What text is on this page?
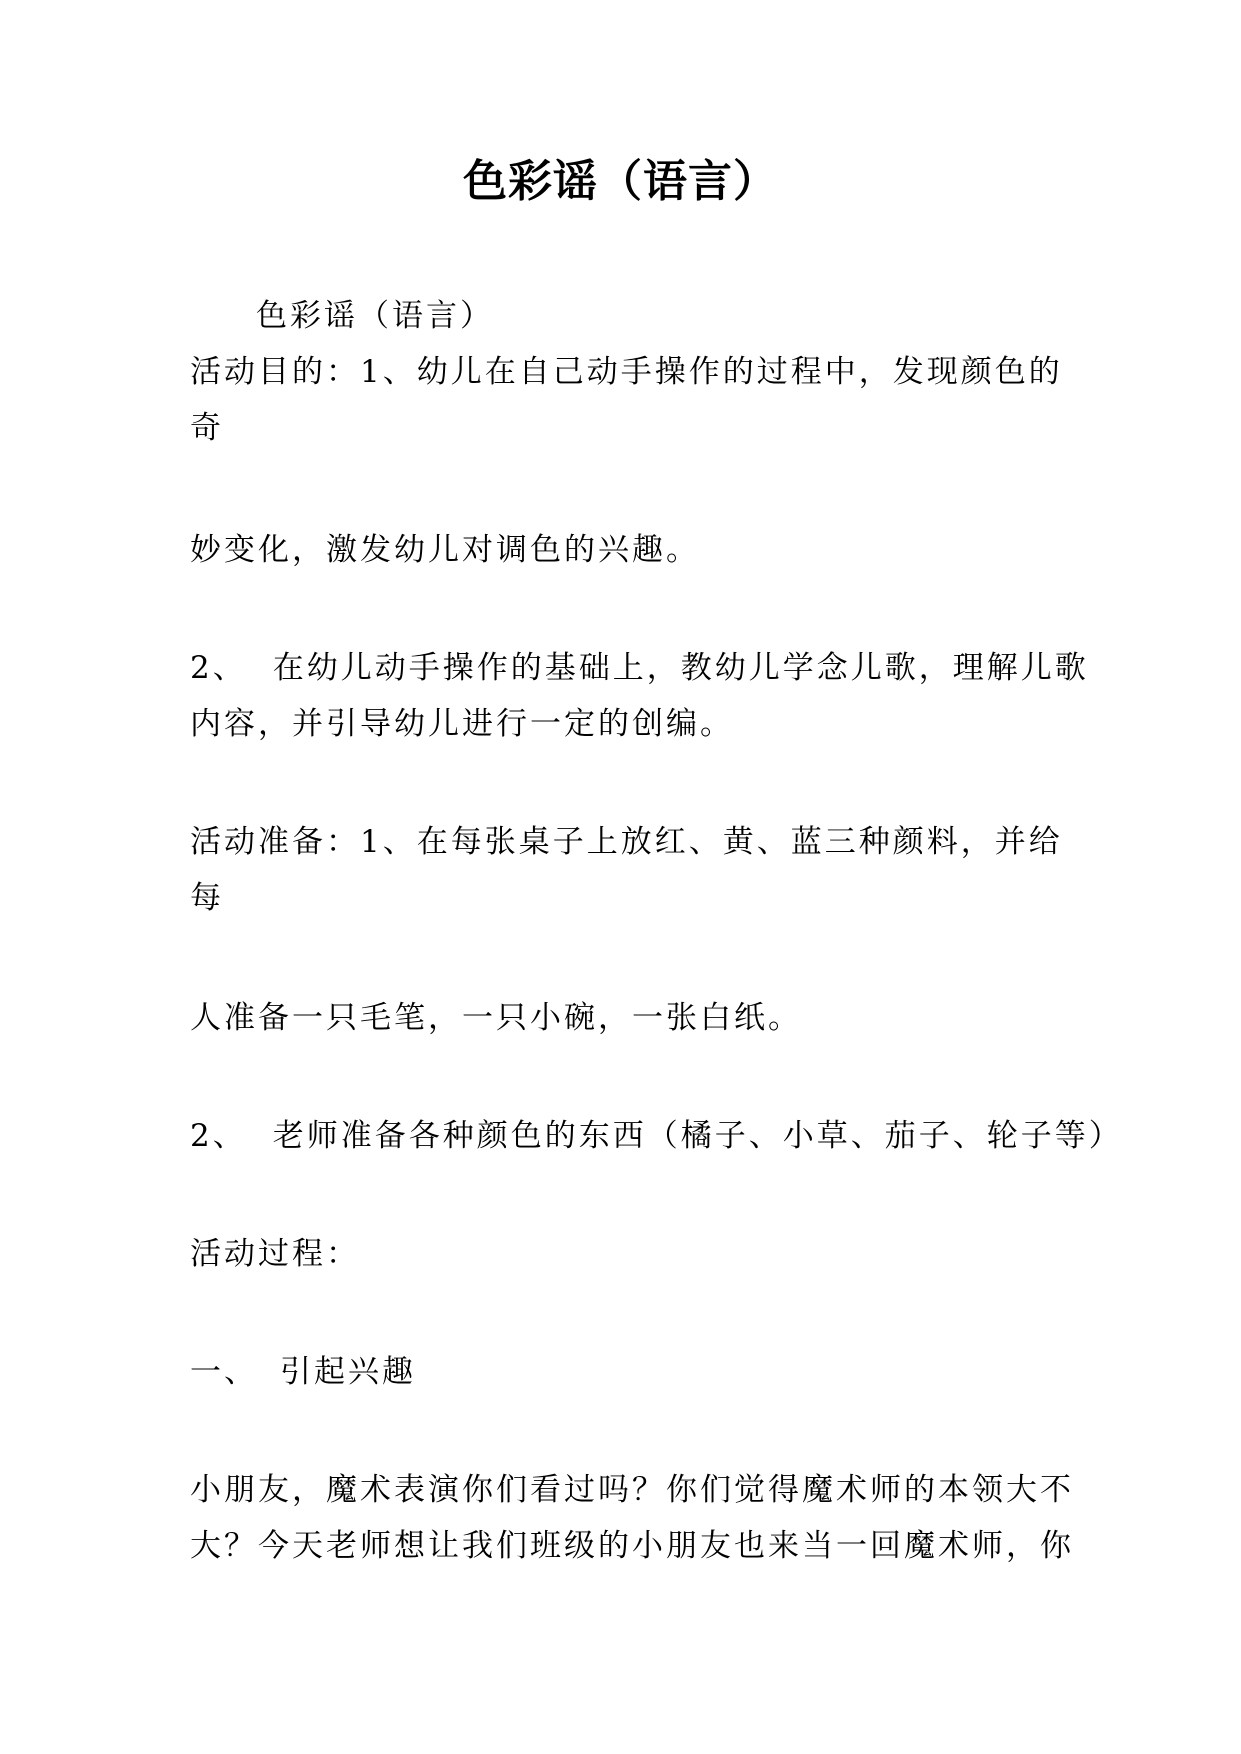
色彩谣（语言）
色彩谣（语言）
活动目的：1、幼儿在自己动手操作的过程中，发现颜色的
奇
妙变化，激发幼儿对调色的兴趣。
2、 在幼儿动手操作的基础上，教幼儿学念儿歌，理解儿歌
内容，并引导幼儿进行一定的创编。
活动准备：1、在每张桌子上放红、黄、蓝三种颜料，并给
每
人准备一只毛笔，一只小碗，一张白纸。
2、 老师准备各种颜色的东西（橘子、小草、茄子、轮子等）
活动过程：
一、 引起兴趣
小朋友，魔术表演你们看过吗？你们觉得魔术师的本领大不
大？今天老师想让我们班级的小朋友也来当一回魔术师，你
